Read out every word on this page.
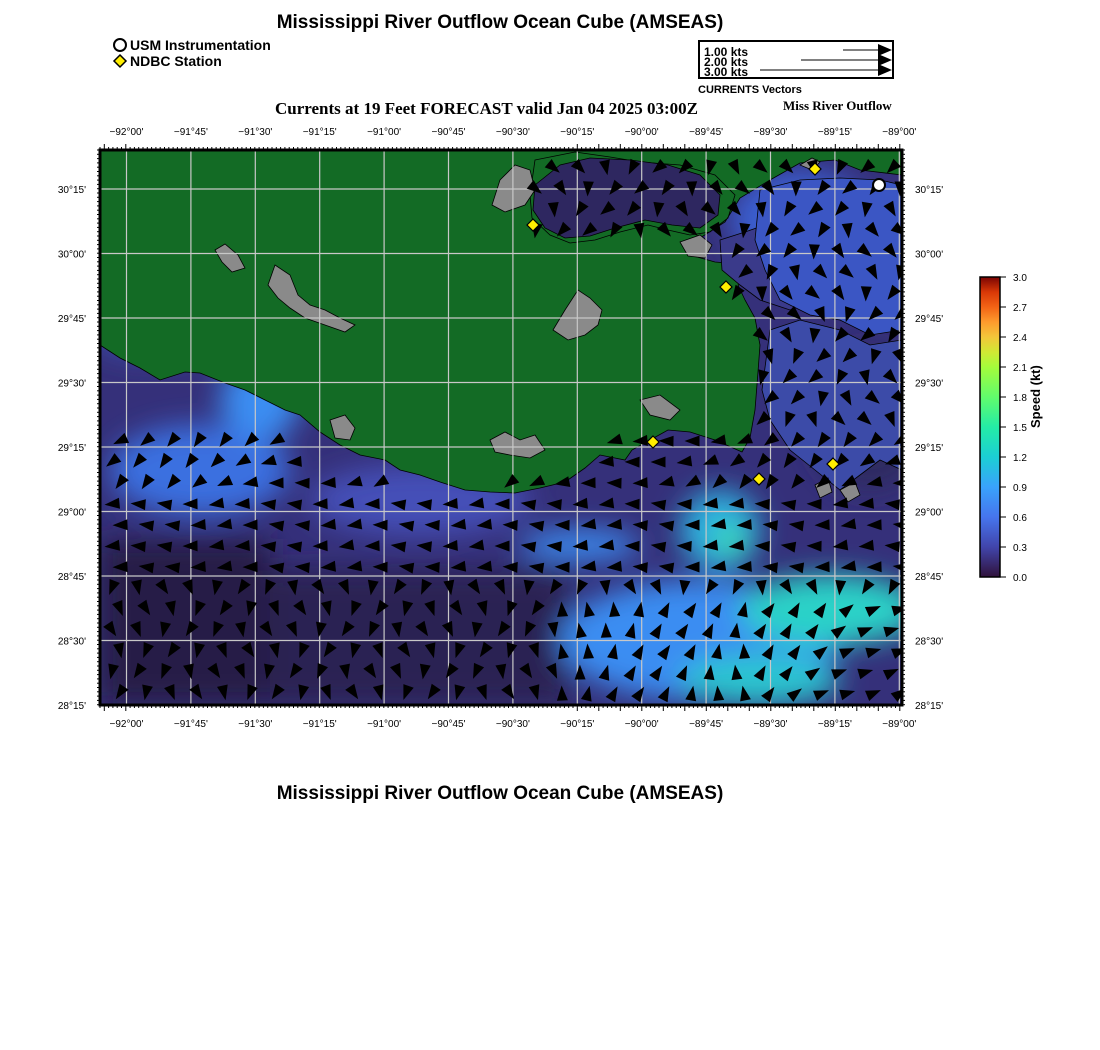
Mississippi River Outflow Ocean Cube (AMSEAS)
USM Instrumentation
NDBC Station
1.00 kts
2.00 kts
3.00 kts
CURRENTS Vectors
Currents at 19 Feet FORECAST valid Jan 04 2025 03:00Z	Miss River Outflow
−92°00'
−92°00'
−91°45'
−91°45'
−91°30'
−91°30'
−91°15'
−91°15'
−91°00'
−91°00'
−90°45'
−90°45'
−90°30'
−90°30'
−90°15'
−90°15'
−90°00'
−90°00'
−89°45'
−89°45'
−89°30'
−89°30'
−89°15'
−89°15'
−89°00'
−89°00'
30°15'	30°15'
30°00'	30°00'
29°45'	29°45'
29°30'	29°30'
29°15'	29°15'
29°00'	29°00'
28°45'	28°45'
28°30'	28°30'
28°15'	28°15'
3.0
2.7
2.4
2.1
1.8
1.5
1.2
0.9
0.6
0.3
0.0
Speed (kt)
Mississippi River Outflow Ocean Cube (AMSEAS)
